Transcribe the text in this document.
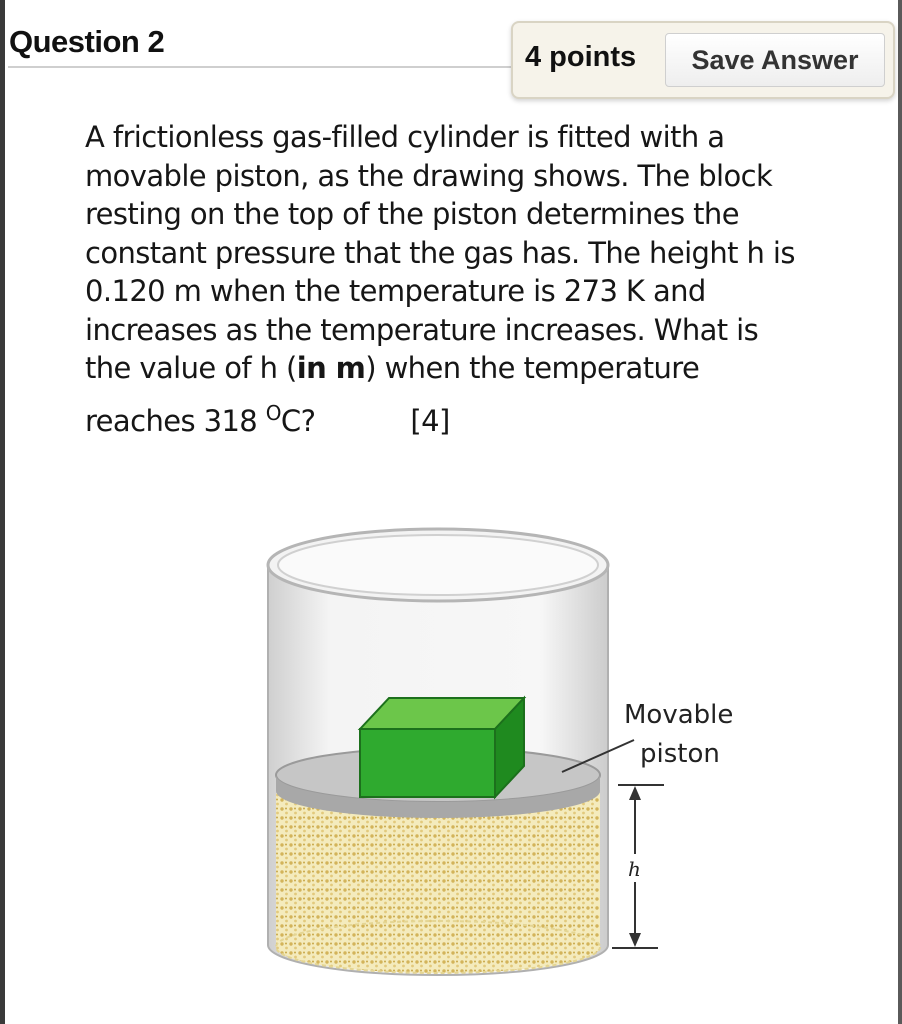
Question 2	4 points	Save Answer

A frictionless gas-filled cylinder is fitted with a

movable piston, as the drawing shows. The block

resting on the top of the piston determines the

constant pressure that the gas has. The height h is

0.120 m when the temperature is 273 K and

increases as the temperature increases. What is

the value of h (in m) when the temperature

reaches 318 $^O$C?	[4]

Movable
piston
h
